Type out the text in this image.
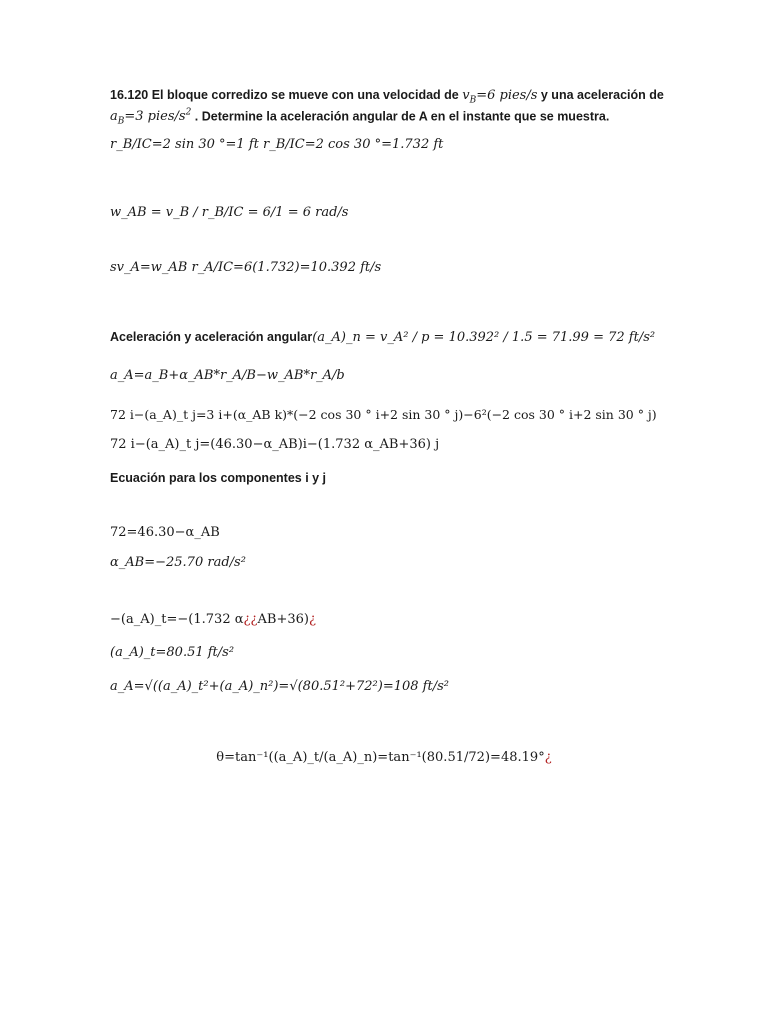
16.120 El bloque corredizo se mueve con una velocidad de $v_B=6$ pies/s y una aceleración de
$a_B=3$ pies/$s^2$ . Determine la aceleración angular de A en el instante que se muestra.
r_B/IC=2 sin 30 °=1 ft r_B/IC=2 cos 30 °=1.732 ft
w_AB = v_B / r_B/IC = 6/1 = 6 rad/s
sv_A=w_AB r_A/IC=6(1.732)=10.392 ft/s
Aceleración y aceleración angular(a_A)_n = v_A² / p = 10.392² / 1.5 = 71.99 = 72 ft/s²
a_A=a_B+α_AB*r_A/B−w_AB*r_A/b
72 i−(a_A)_t j=3 i+(α_AB k)*(−2 cos 30 ° i+2 sin 30 ° j)−6²(−2 cos 30 ° i+2 sin 30 ° j)
72 i−(a_A)_t j=(46.30−α_AB)i−(1.732 α_AB+36) j
Ecuación para los componentes i y j
72=46.30−α_AB
α_AB=−25.70 rad/s²
−(a_A)_t=−(1.732 α¿¿AB+36)¿
(a_A)_t=80.51 ft/s²
a_A=√((a_A)_t²+(a_A)_n²)=√(80.51²+72²)=108 ft/s²
θ=tan⁻¹((a_A)_t/(a_A)_n)=tan⁻¹(80.51/72)=48.19°¿
